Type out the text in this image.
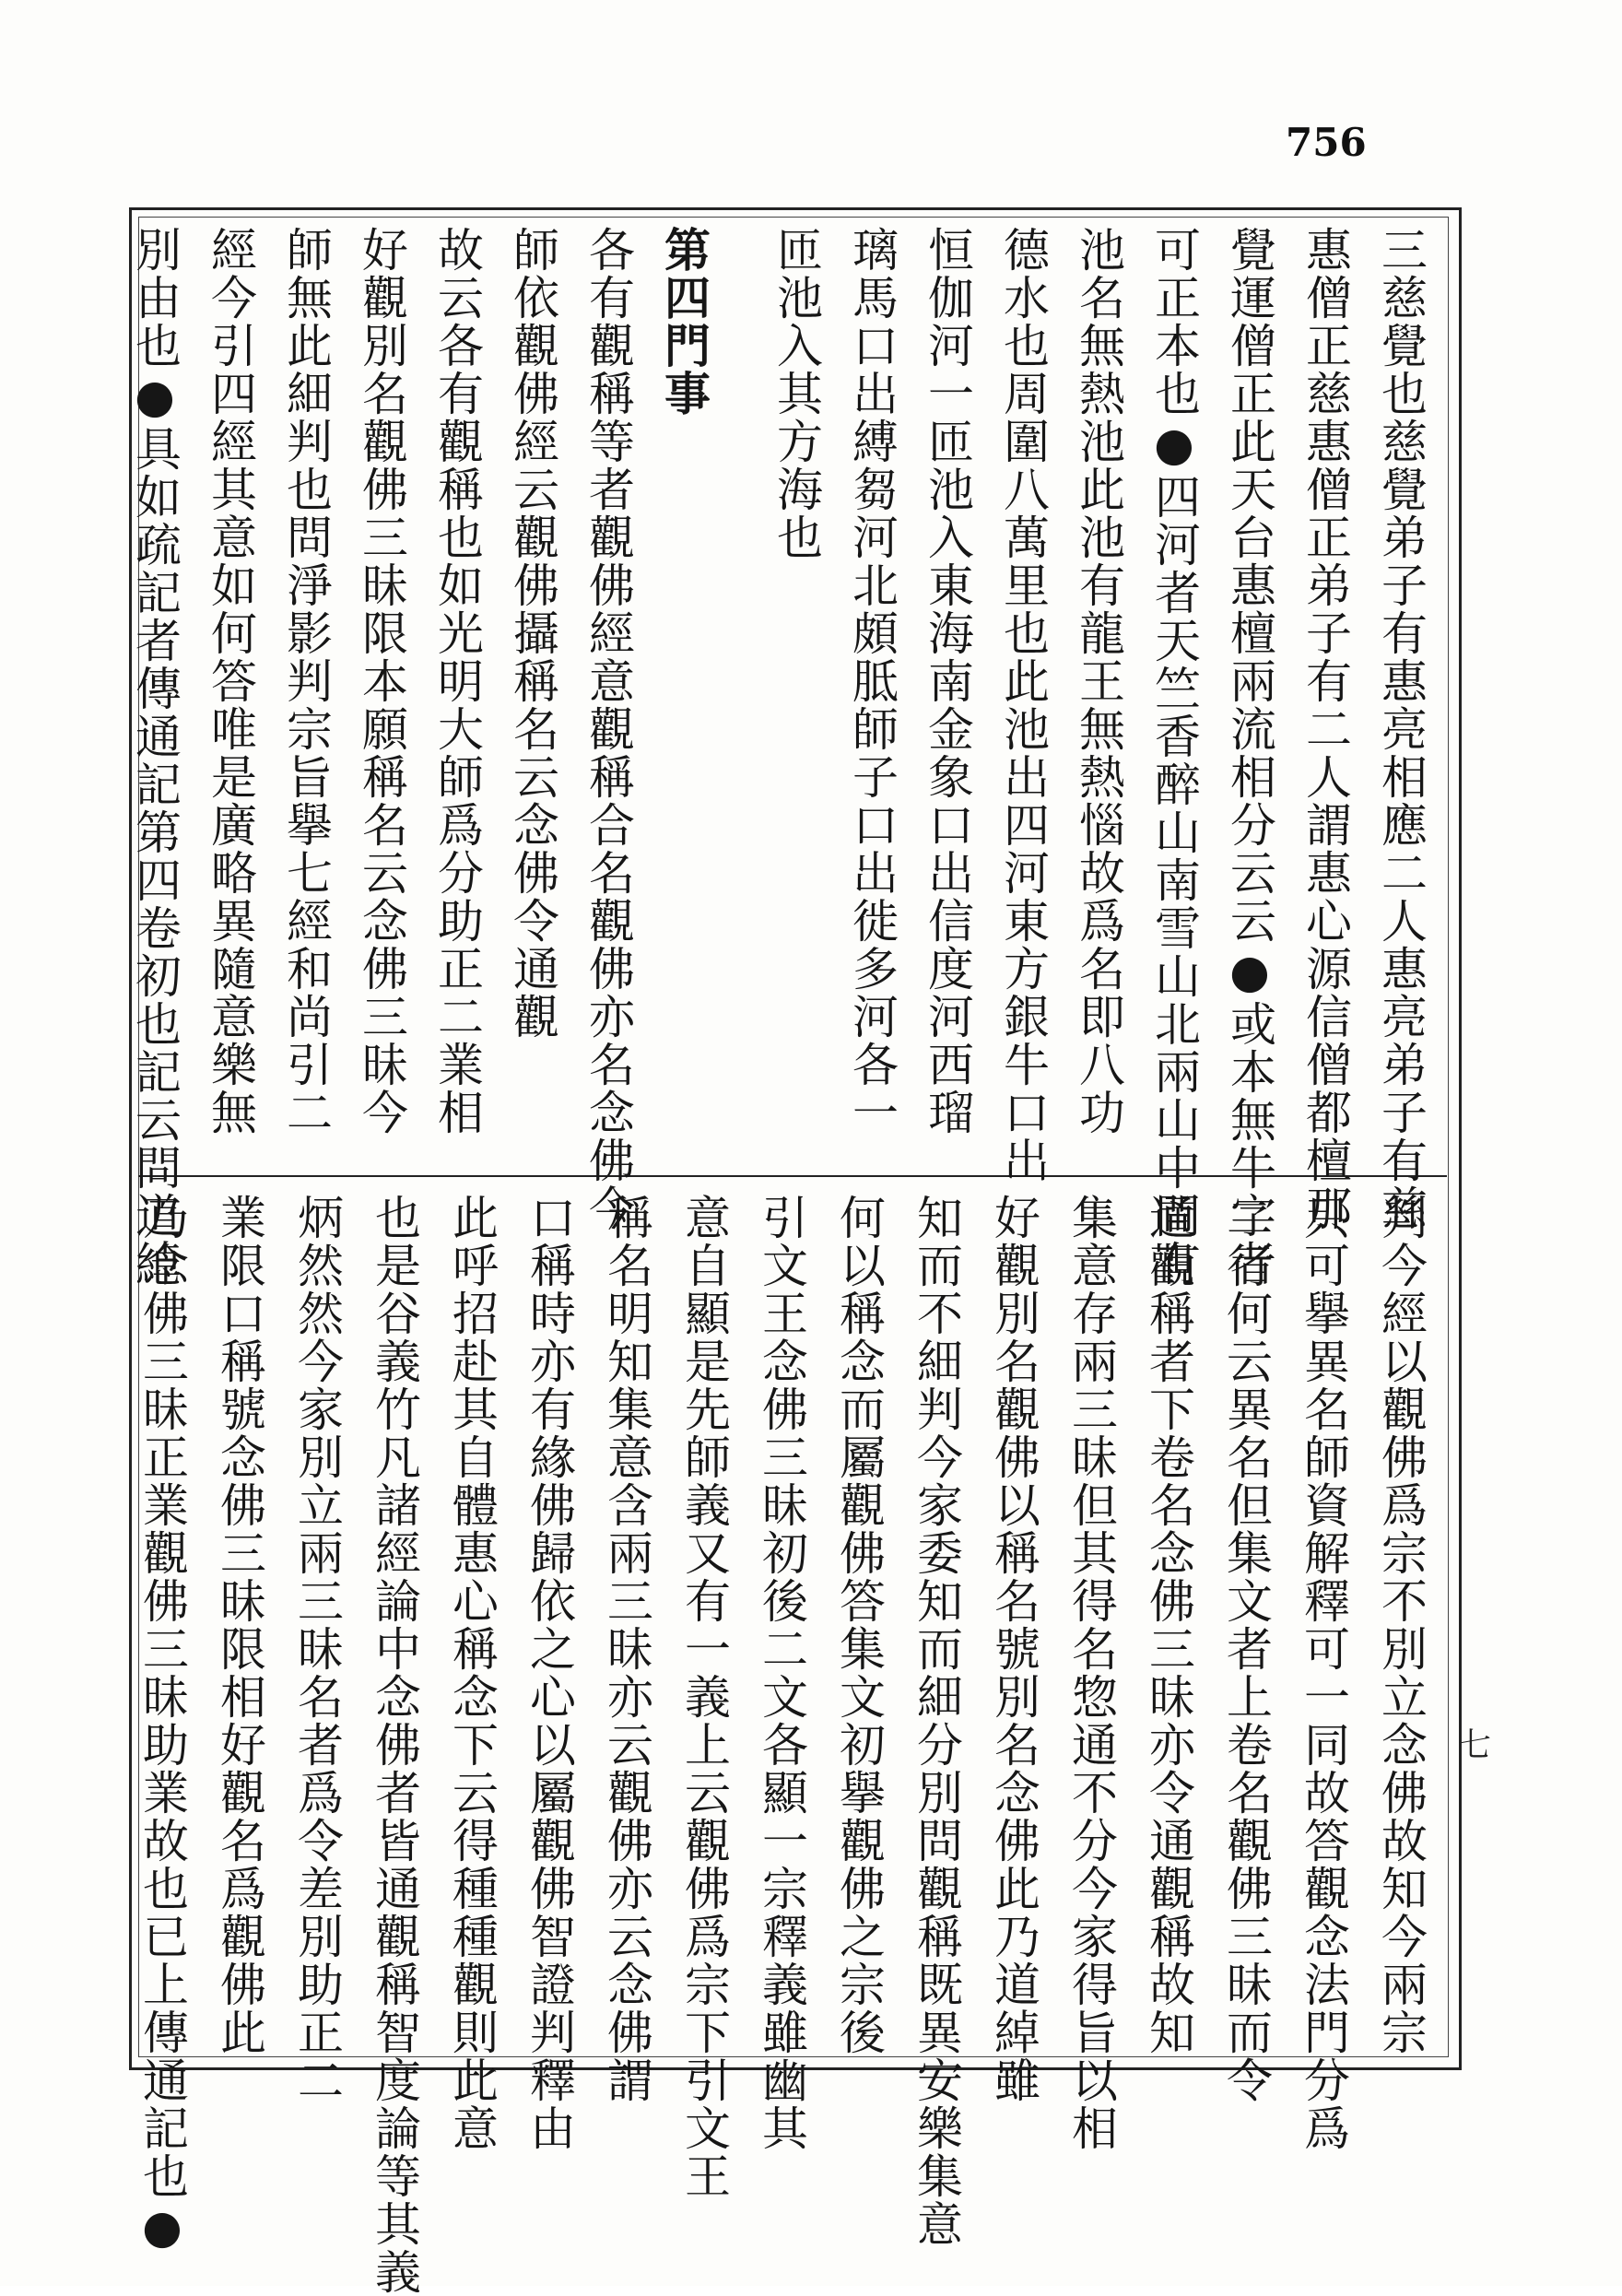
756
三慈覺也慈覺弟子有惠亮相應二人惠亮弟子有慈
惠僧正慈惠僧正弟子有二人謂惠心源信僧都檀那
覺運僧正此天台惠檀兩流相分云云●或本無牛字者
可正本也●四河者天竺香醉山南雪山北兩山中間有
池名無熱池此池有龍王無熱惱故爲名即八功
德水也周圍八萬里也此池出四河東方銀牛口出
恒伽河一匝池入東海南金象口出信度河西瑠
璃馬口出縛芻河北頗胝師子口出徙多河各一
匝池入其方海也
第四門事
各有觀稱等者觀佛經意觀稱合名觀佛亦名念佛今
師依觀佛經云觀佛攝稱名云念佛令通觀
故云各有觀稱也如光明大師爲分助正二業相
好觀別名觀佛三昧限本願稱名云念佛三昧今
師無此細判也問淨影判宗旨擧七經和尚引二
經今引四經其意如何答唯是廣略異隨意樂無
別由也●具如疏記者傳通記第四卷初也記云問道綽
判今經以觀佛爲宗不別立念佛故知今兩宗
只可擧異名師資解釋可一同故答觀念法門分爲
二行何云異名但集文者上卷名觀佛三昧而令
通觀稱者下卷名念佛三昧亦令通觀稱故知
集意存兩三昧但其得名惣通不分今家得旨以相
好觀別名觀佛以稱名號別名念佛此乃道綽雖
知而不細判今家委知而細分別問觀稱既異安樂集意
何以稱念而屬觀佛答集文初擧觀佛之宗後
引文王念佛三昧初後二文各顯一宗釋義雖幽其
意自顯是先師義又有一義上云觀佛爲宗下引文王
稱名明知集意含兩三昧亦云觀佛亦云念佛謂
口稱時亦有緣佛歸依之心以屬觀佛智證判釋由
此呼招赴其自體惠心稱念下云得種種觀則此意
也是谷義竹凡諸經論中念佛者皆通觀稱智度論等其義
炳然然今家別立兩三昧名者爲令差別助正二
業限口稱號念佛三昧限相好觀名爲觀佛此
乃念佛三昧正業觀佛三昧助業故也已上傳通記也●	七
